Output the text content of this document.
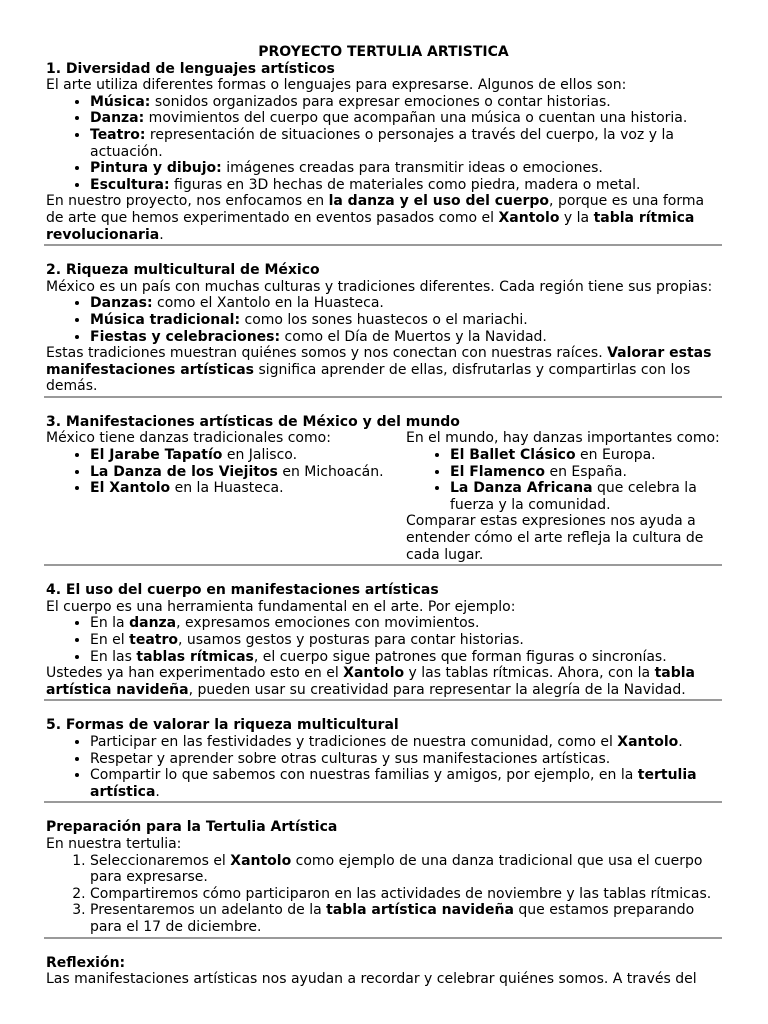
PROYECTO TERTULIA ARTISTICA

1. Diversidad de lenguajes artísticos

El arte utiliza diferentes formas o lenguajes para expresarse. Algunos de ellos son:

• Música: sonidos organizados para expresar emociones o contar historias.
• Danza: movimientos del cuerpo que acompañan una música o cuentan una historia.
• Teatro: representación de situaciones o personajes a través del cuerpo, la voz y la actuación.
• Pintura y dibujo: imágenes creadas para transmitir ideas o emociones.
• Escultura: figuras en 3D hechas de materiales como piedra, madera o metal.

En nuestro proyecto, nos enfocamos en la danza y el uso del cuerpo, porque es una forma de arte que hemos experimentado en eventos pasados como el Xantolo y la tabla rítmica revolucionaria.

2. Riqueza multicultural de México

México es un país con muchas culturas y tradiciones diferentes. Cada región tiene sus propias:

• Danzas: como el Xantolo en la Huasteca.
• Música tradicional: como los sones huastecos o el mariachi.
• Fiestas y celebraciones: como el Día de Muertos y la Navidad.

Estas tradiciones muestran quiénes somos y nos conectan con nuestras raíces. Valorar estas manifestaciones artísticas significa aprender de ellas, disfrutarlas y compartirlas con los demás.

3. Manifestaciones artísticas de México y del mundo

México tiene danzas tradicionales como:

• El Jarabe Tapatío en Jalisco.
• La Danza de los Viejitos en Michoacán.
• El Xantolo en la Huasteca.

En el mundo, hay danzas importantes como:

• El Ballet Clásico en Europa.
• El Flamenco en España.
• La Danza Africana que celebra la fuerza y la comunidad.

Comparar estas expresiones nos ayuda a entender cómo el arte refleja la cultura de cada lugar.

4. El uso del cuerpo en manifestaciones artísticas

El cuerpo es una herramienta fundamental en el arte. Por ejemplo:

• En la danza, expresamos emociones con movimientos.
• En el teatro, usamos gestos y posturas para contar historias.
• En las tablas rítmicas, el cuerpo sigue patrones que forman figuras o sincronías.

Ustedes ya han experimentado esto en el Xantolo y las tablas rítmicas. Ahora, con la tabla artística navideña, pueden usar su creatividad para representar la alegría de la Navidad.

5. Formas de valorar la riqueza multicultural
• Participar en las festividades y tradiciones de nuestra comunidad, como el Xantolo.
• Respetar y aprender sobre otras culturas y sus manifestaciones artísticas.
• Compartir lo que sabemos con nuestras familias y amigos, por ejemplo, en la tertulia artística.
Preparación para la Tertulia Artística

En nuestra tertulia:

1. Seleccionaremos el Xantolo como ejemplo de una danza tradicional que usa el cuerpo para expresarse.
2. Compartiremos cómo participaron en las actividades de noviembre y las tablas rítmicas.
3. Presentaremos un adelanto de la tabla artística navideña que estamos preparando para el 17 de diciembre.
Reflexión:

Las manifestaciones artísticas nos ayudan a recordar y celebrar quiénes somos. A través del
